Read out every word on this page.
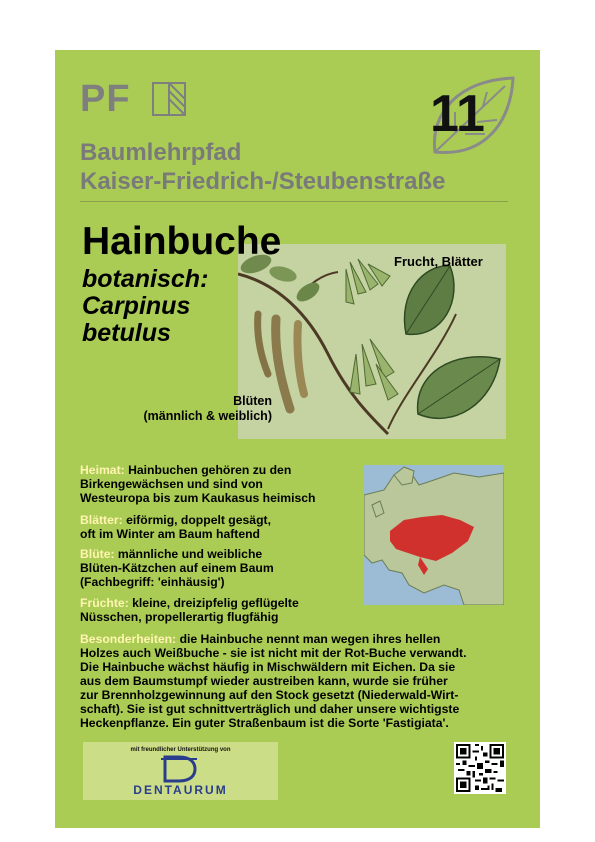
PF	11
Baumlehrpfad
Kaiser-Friedrich-/Steubenstraße
Frucht, Blätter
Hainbuche
botanisch:
Carpinus
betulus
Blüten
(männlich & weiblich)
Heimat: Hainbuchen gehören zu den
Birkengewächsen und sind von
Westeuropa bis zum Kaukasus heimisch
Blätter: eiförmig, doppelt gesägt,
oft im Winter am Baum haftend
Blüte: männliche und weibliche
Blüten-Kätzchen auf einem Baum
(Fachbegriff: 'einhäusig')
Früchte: kleine, dreizipfelig geflügelte
Nüsschen, propellerartig flugfähig
Besonderheiten: die Hainbuche nennt man wegen ihres hellen
Holzes auch Weißbuche - sie ist nicht mit der Rot-Buche verwandt.
Die Hainbuche wächst häufig in Mischwäldern mit Eichen. Da sie
aus dem Baumstumpf wieder austreiben kann, wurde sie früher
zur Brennholzgewinnung auf den Stock gesetzt (Niederwald-Wirt-
schaft). Sie ist gut schnittverträglich und daher unsere wichtigste
Heckenpflanze. Ein guter Straßenbaum ist die Sorte 'Fastigiata'.
mit freundlicher Unterstützung von
DENTAURUM
